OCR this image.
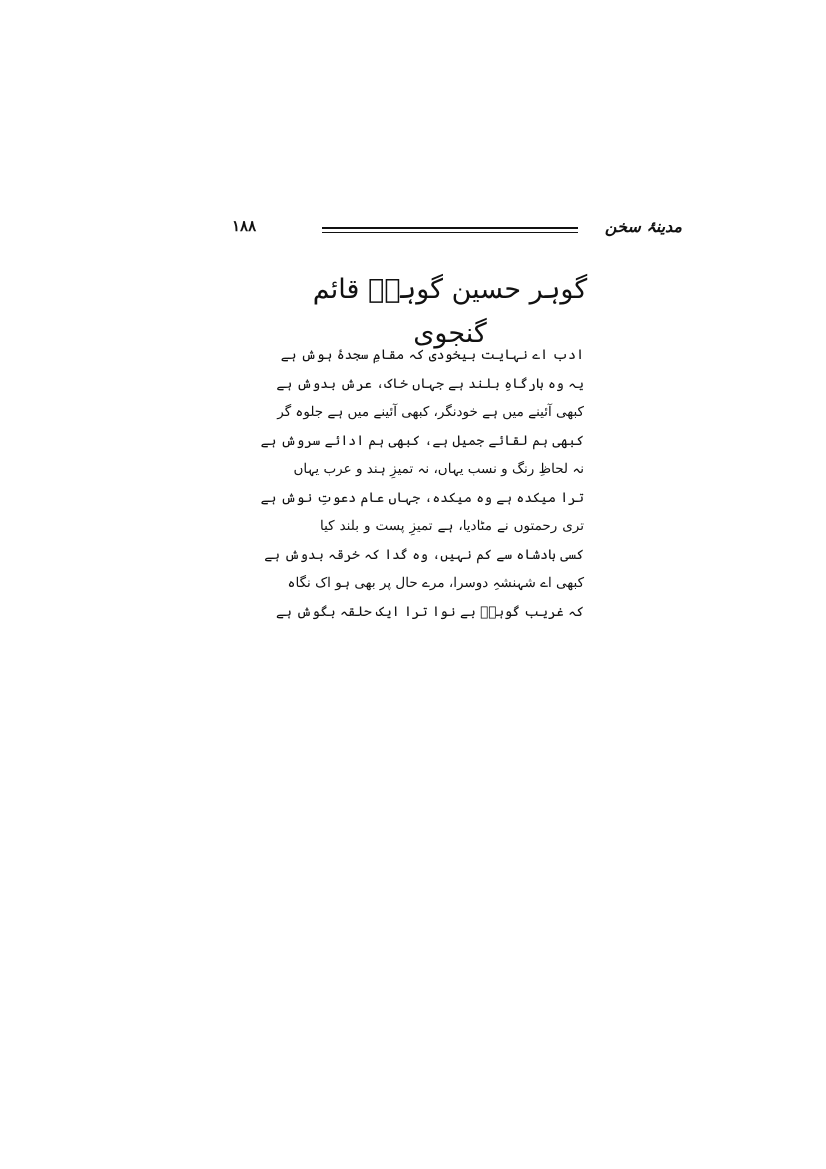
۱۸۸	مدینۂ سخن
گوہر حسین گوہرؔ قائم گنجوی
ادب اے نہایت بیخودی کہ مقامِ سجدۂ ہوش ہے
یہ وہ بارگاہِ بلند ہے جہاں خاک، عرش بدوش ہے
کبھی آئینے میں ہے خودنگر، کبھی آئینے میں ہے جلوہ گر
کبھی ہم لقائے جمیل ہے، کبھی ہم ادائے سروش ہے
نہ لحاظِ رنگ و نسب یہاں، نہ تمیزِ ہند و عرب یہاں
ترا میکدہ ہے وہ میکدہ، جہاں عام دعوتِ نوش ہے
تری رحمتوں نے مٹادیا، ہے تمیزِ پست و بلند کیا
کسی بادشاہ سے کم نہیں، وہ گدا کہ خرقہ بدوش ہے
کبھی اے شہنشہِ دوسرا، مرے حال پر بھی ہو اک نگاہ
کہ غریب گوہرؔ بے نوا ترا ایک حلقہ بگوش ہے
